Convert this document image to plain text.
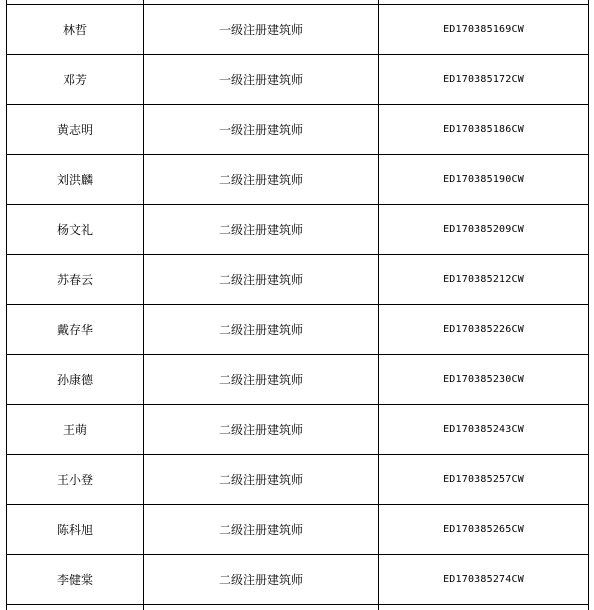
林哲	一级注册建筑师	ED170385169CW
邓芳	一级注册建筑师	ED170385172CW
黄志明	一级注册建筑师	ED170385186CW
刘洪麟	二级注册建筑师	ED170385190CW
杨文礼	二级注册建筑师	ED170385209CW
苏春云	二级注册建筑师	ED170385212CW
戴存华	二级注册建筑师	ED170385226CW
孙康德	二级注册建筑师	ED170385230CW
王萌	二级注册建筑师	ED170385243CW
王小登	二级注册建筑师	ED170385257CW
陈科旭	二级注册建筑师	ED170385265CW
李健棠	二级注册建筑师	ED170385274CW
